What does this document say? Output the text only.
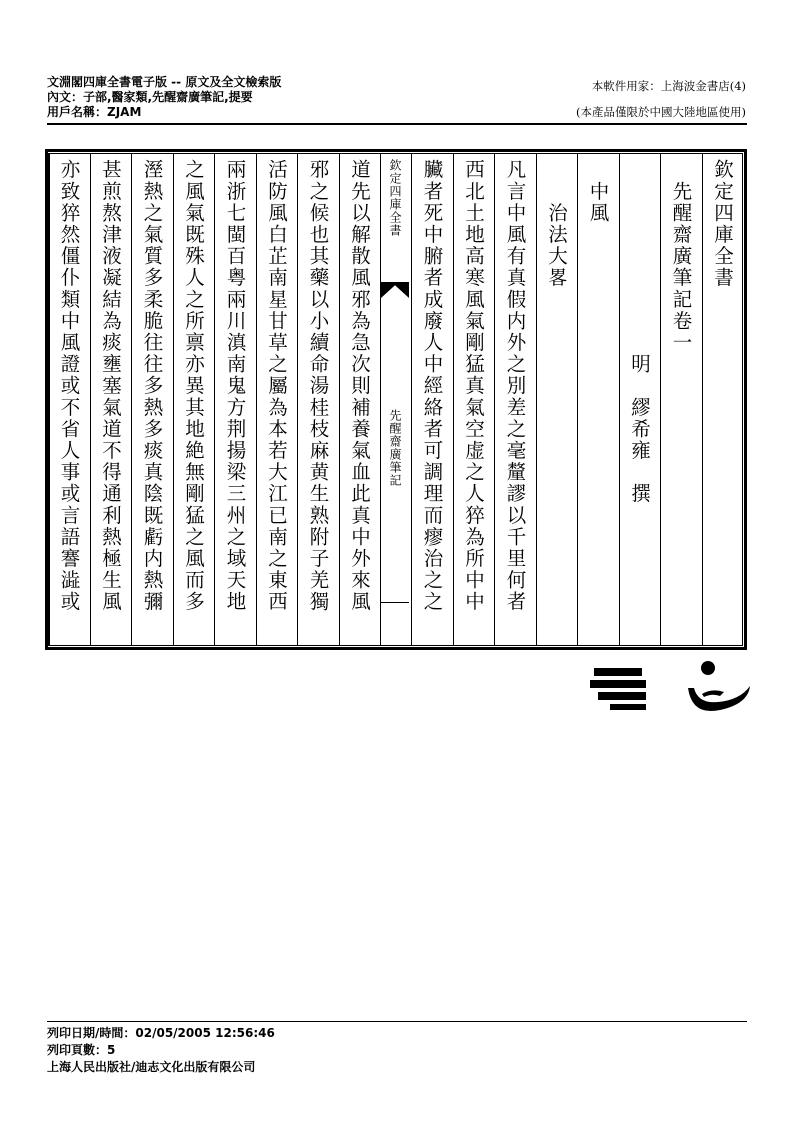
文淵閣四庫全書電子版 -- 原文及全文檢索版
內文：子部,醫家類,先醒齋廣筆記,提要
用戶名稱：ZJAM
本軟件用家：上海波金書店(4)
(本產品僅限於中國大陸地區使用)
欽定四庫全書
先醒齋廣筆記
列印日期/時間：02/05/2005 12:56:46
列印頁數：5
上海人民出版社/迪志文化出版有限公司
欽定四庫全書
　先醒齋廣筆記卷一
　　　　　　　　　明　繆希雍　撰
　中風
　　治法大畧
凡言中風有真假内外之別差之毫釐謬以千里何者
西北土地高寒風氣剛猛真氣空虚之人猝為所中中
臟者死中腑者成廢人中經絡者可調理而瘳治之之
道先以解散風邪為急次則補養氣血此真中外來風
邪之候也其藥以小續命湯桂枝麻黄生熟附子羌獨
活防風白芷南星甘草之屬為本若大江已南之東西
兩浙七閩百粤兩川滇南鬼方荆揚梁三州之域天地
之風氣既殊人之所禀亦異其地絶無剛猛之風而多
溼熱之氣質多柔脆往往多熱多痰真陰既虧内熱彌
甚煎熬津液凝結為痰壅塞氣道不得通利熱極生風
亦致猝然僵仆類中風證或不省人事或言語謇澁或
